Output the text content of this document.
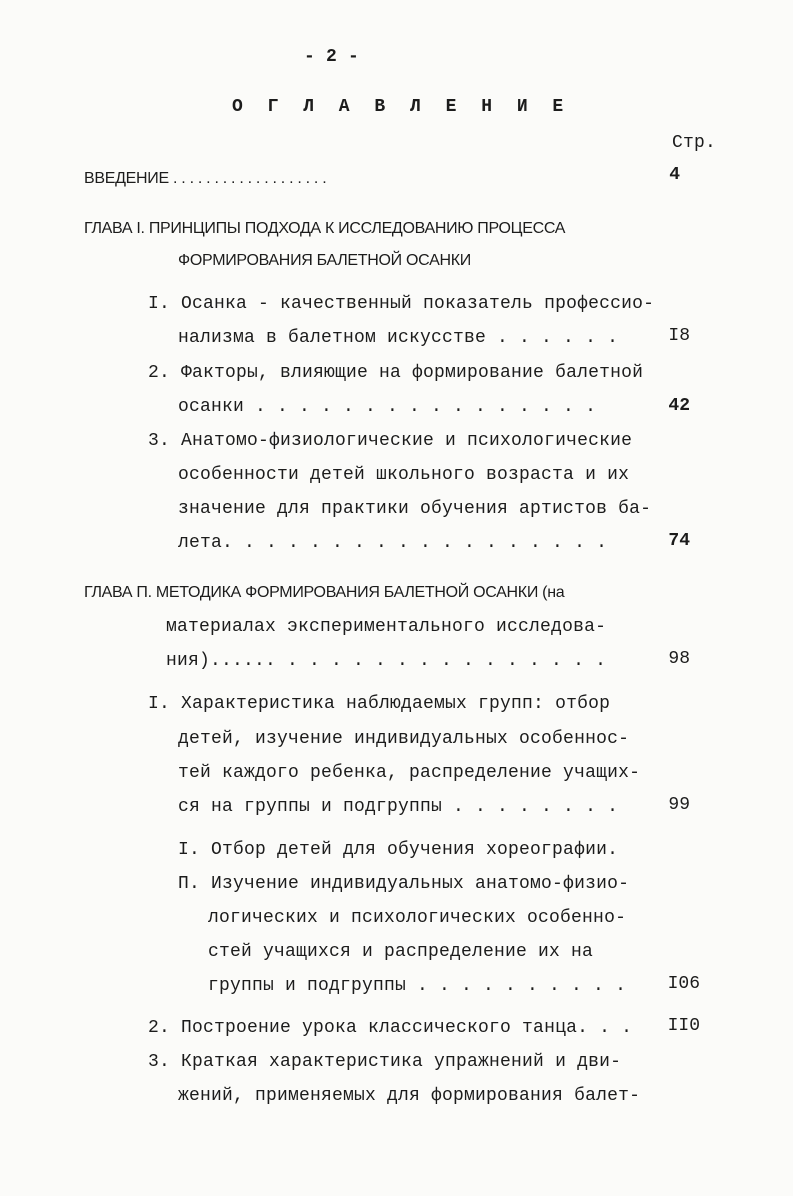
- 2 -
О Г Л А В Л Е Н И Е
Стр.
ВВЕДЕНИЕ . . . . . . . . . . . . . . . . . . .	4
ГЛАВА I. ПРИНЦИПЫ ПОДХОДА К ИССЛЕДОВАНИЮ ПРОЦЕССА
ФОРМИРОВАНИЯ БАЛЕТНОЙ ОСАНКИ
I. Осанка - качественный показатель профессио-
нализма в балетном искусстве . . . . . .	I8
2. Факторы, влияющие на формирование балетной
осанки . . . . . . . . . . . . . . . .	42
3. Анатомо-физиологические и психологические
особенности детей школьного возраста и их
значение для практики обучения артистов ба-
лета. . . . . . . . . . . . . . . . . .	74
ГЛАВА П. МЕТОДИКА ФОРМИРОВАНИЯ БАЛЕТНОЙ ОСАНКИ (на
материалах экспериментального исследова-
ния)...... . . . . . . . . . . . . . . .	98
I. Характеристика наблюдаемых групп: отбор
детей, изучение индивидуальных особеннос-
тей каждого ребенка, распределение учащих-
ся на группы и подгруппы . . . . . . . .	99
I. Отбор детей для обучения хореографии.
П. Изучение индивидуальных анатомо-физио-
логических и психологических особенно-
стей учащихся и распределение их на
группы и подгруппы . . . . . . . . . .	I06
2. Построение урока классического танца. . .	II0
3. Краткая характеристика упражнений и дви-
жений, применяемых для формирования балет-
